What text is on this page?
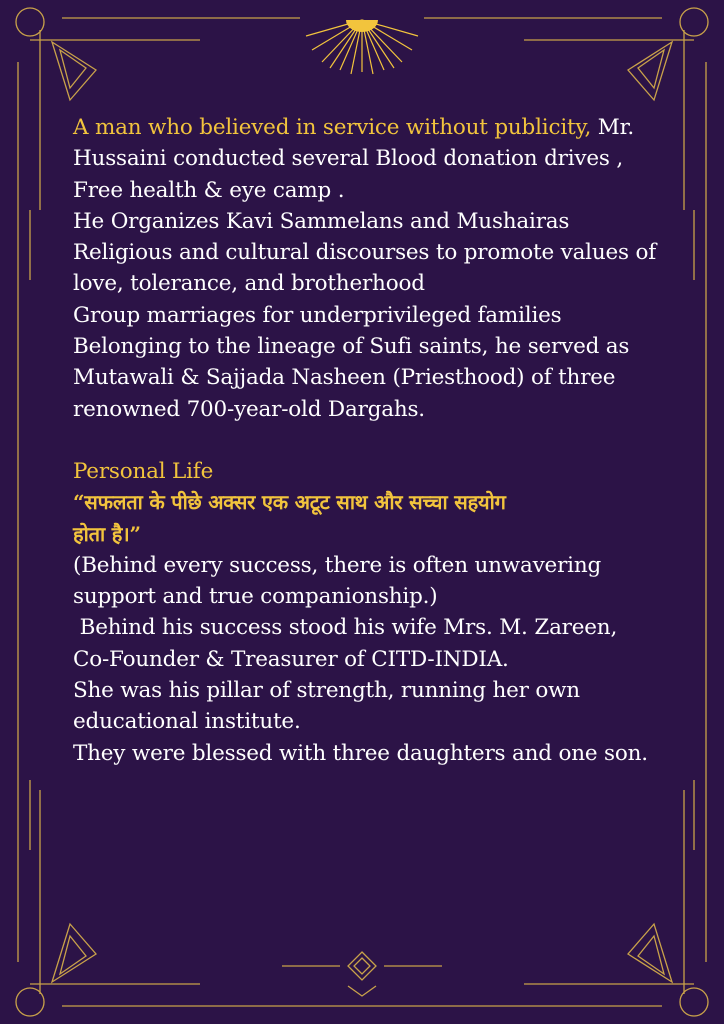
A man who believed in service without publicity, Mr.
Hussaini conducted several Blood donation drives ,
Free health & eye camp .
He Organizes Kavi Sammelans and Mushairas
Religious and cultural discourses to promote values of
love, tolerance, and brotherhood
Group marriages for underprivileged families
Belonging to the lineage of Sufi saints, he served as
Mutawali & Sajjada Nasheen (Priesthood) of three
renowned 700-year-old Dargahs.
Personal Life
“सफलता के पीछे अक्सर एक अटूट साथ और सच्चा सहयोग
होता है।”
(Behind every success, there is often unwavering
support and true companionship.)
Behind his success stood his wife Mrs. M. Zareen,
Co-Founder & Treasurer of CITD-INDIA.
She was his pillar of strength, running her own
educational institute.
They were blessed with three daughters and one son.
